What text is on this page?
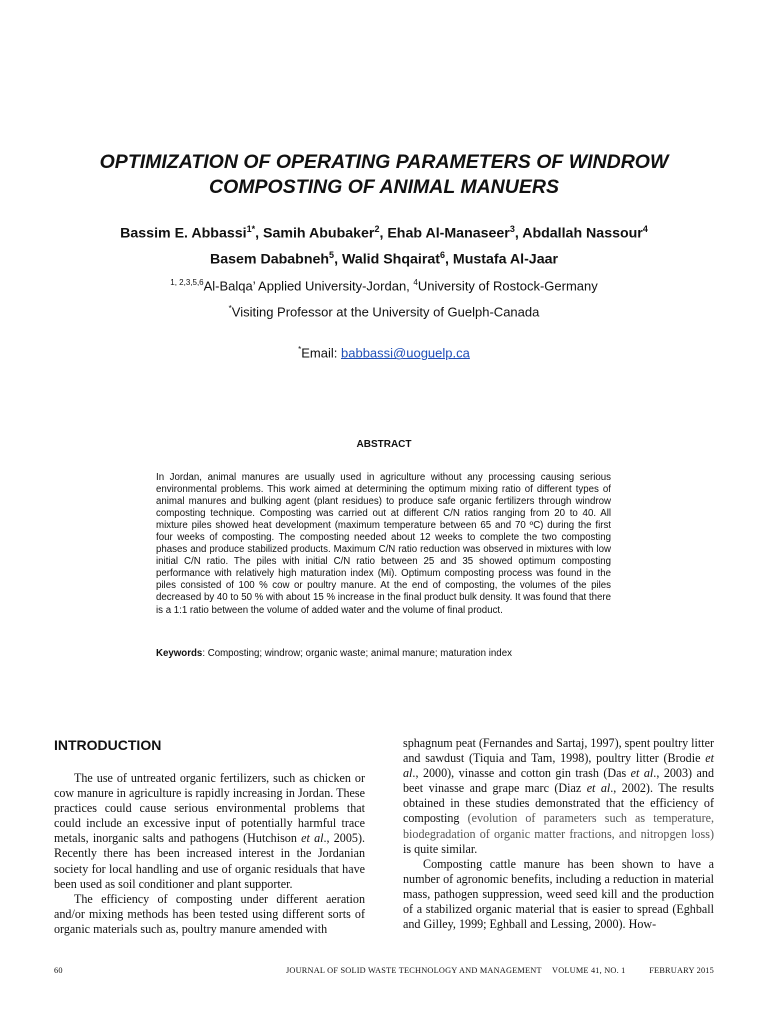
OPTIMIZATION OF OPERATING PARAMETERS OF WINDROW
COMPOSTING OF ANIMAL MANUERS
Bassim E. Abbassi$^{1*}$, Samih Abubaker$^2$, Ehab Al-Manaseer$^3$, Abdallah Nassour$^4$
Basem Dababneh$^5$, Walid Shqairat$^6$, Mustafa Al-Jaar
$^{1, 2,3,5,6}$Al-Balqa’ Applied University-Jordan, $^4$University of Rostock-Germany
*Visiting Professor at the University of Guelph-Canada
*Email: babbassi@uoguelp.ca
ABSTRACT

In Jordan, animal manures are usually used in agriculture without any processing causing serious environmental problems. This work aimed at determining the optimum mixing ratio of different types of animal manures and bulking agent (plant residues) to produce safe organic fertilizers through windrow composting technique. Composting was carried out at different C/N ratios ranging from 20 to 40. All mixture piles showed heat development (maximum temperature between 65 and 70 ºC) during the first four weeks of composting. The composting needed about 12 weeks to complete the two composting phases and produce stabilized products. Maximum C/N ratio reduction was observed in mixtures with low initial C/N ratio. The piles with initial C/N ratio between 25 and 35 showed optimum composting performance with relatively high maturation index (Mi). Optimum composting process was found in the piles consisted of 100 % cow or poultry manure. At the end of composting, the volumes of the piles decreased by 40 to 50 % with about 15 % increase in the final product bulk density. It was found that there is a 1:1 ratio between the volume of added water and the volume of final product.

Keywords: Composting; windrow; organic waste; animal manure; maturation index
INTRODUCTION

The use of untreated organic fertilizers, such as chicken or cow manure in agriculture is rapidly increasing in Jordan. These practices could cause serious environmental problems that could include an excessive input of potentially harmful trace metals, inorganic salts and pathogens (Hutchison et al., 2005). Recently there has been increased interest in the Jordanian society for local handling and use of organic residuals that have been used as soil conditioner and plant supporter.

The efficiency of composting under different aeration and/or mixing methods has been tested using different sorts of organic materials such as, poultry manure amended with

sphagnum peat (Fernandes and Sartaj, 1997), spent poultry litter and sawdust (Tiquia and Tam, 1998), poultry litter (Brodie et al., 2000), vinasse and cotton gin trash (Das et al., 2003) and beet vinasse and grape marc (Diaz et al., 2002). The results obtained in these studies demonstrated that the efficiency of composting (evolution of parameters such as temperature, biodegradation of organic matter fractions, and nitropgen loss) is quite similar.

Composting cattle manure has been shown to have a number of agronomic benefits, including a reduction in material mass, pathogen suppression, weed seed kill and the production of a stabilized organic material that is easier to spread (Eghball and Gilley, 1999; Eghball and Lessing, 2000). How-

60	JOURNAL OF SOLID WASTE TECHNOLOGY AND MANAGEMENT VOLUME 41, NO. 1	FEBRUARY 2015
